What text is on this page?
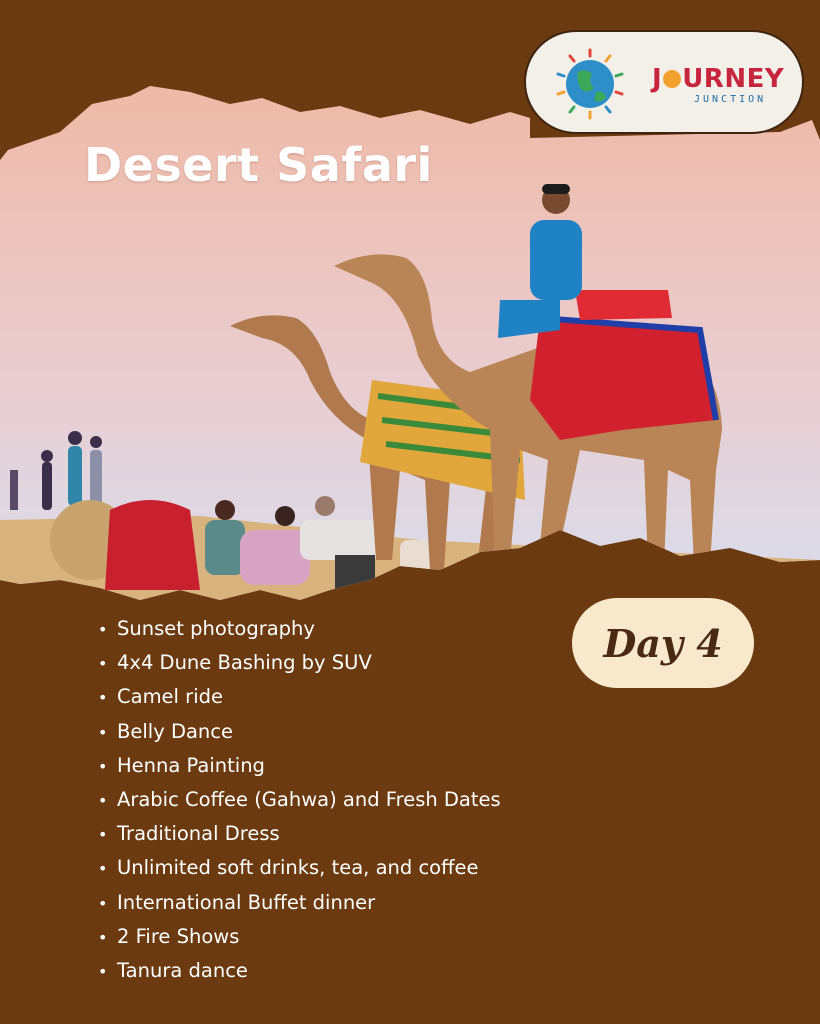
Desert Safari
J URNEY
JUNCTION
Day 4
• Sunset photography
• 4x4 Dune Bashing by SUV
• Camel ride
• Belly Dance
• Henna Painting
• Arabic Coffee (Gahwa) and Fresh Dates
• Traditional Dress
• Unlimited soft drinks, tea, and coffee
• International Buffet dinner
• 2 Fire Shows
• Tanura dance
